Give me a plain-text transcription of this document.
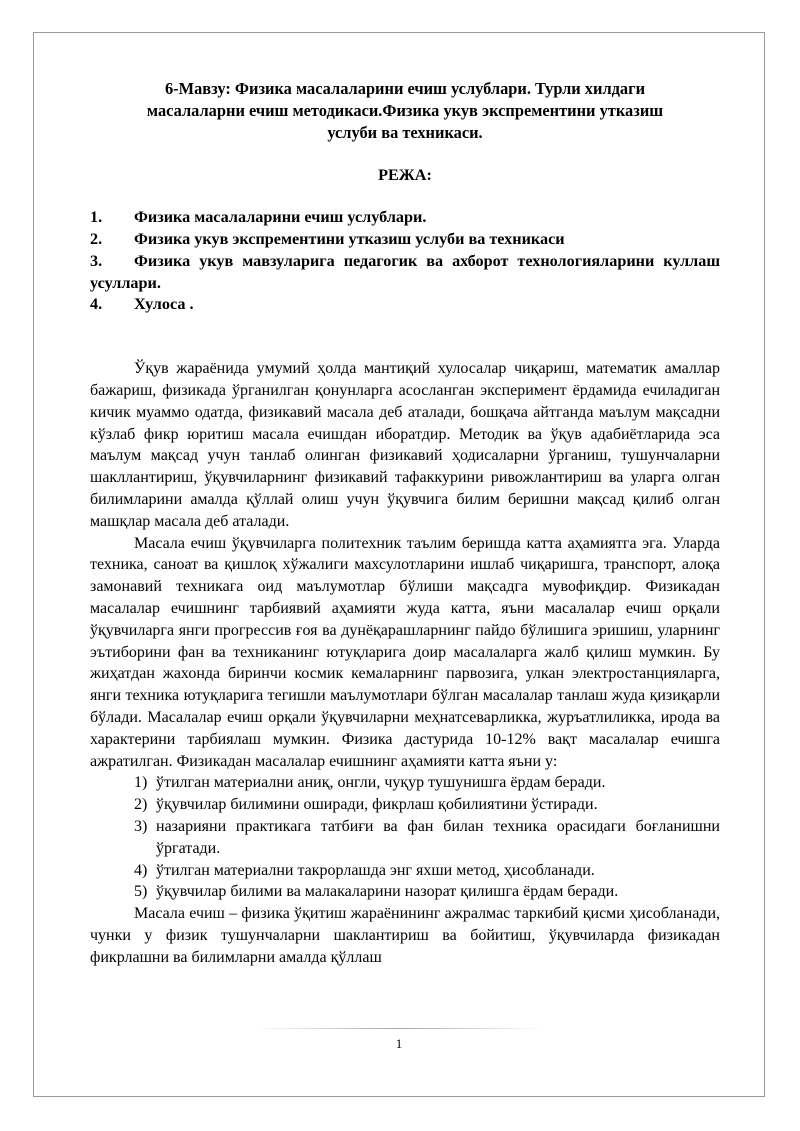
6-Мавзу: Физика масалаларини ечиш услублари. Турли хилдаги
масалаларни ечиш методикаси.Физика укув экспрементини утказиш
услуби ва техникаси.
РЕЖА:
1. Физика масалаларини ечиш услублари.
2. Физика укув экспрементини утказиш услуби ва техникаси
3. Физика укув мавзуларига педагогик ва ахборот технологияларини куллаш усуллари.
4. Хулоса .

Ўқув жараёнида умумий ҳолда мантиқий хулосалар чиқариш, математик амаллар бажариш, физикада ўрганилган қонунларга асосланган эксперимент ёрдамида ечиладиган кичик муаммо одатда, физикавий масала деб аталади, бошқача айтганда маълум мақсадни кўзлаб фикр юритиш масала ечишдан иборатдир. Методик ва ўқув адабиётларида эса маълум мақсад учун танлаб олинган физикавий ҳодисаларни ўрганиш, тушунчаларни шакллантириш, ўқувчиларнинг физикавий тафаккурини ривожлантириш ва уларга олган билимларини амалда қўллай олиш учун ўқувчига билим беришни мақсад қилиб олган машқлар масала деб аталади.

Масала ечиш ўқувчиларга политехник таълим беришда катта аҳамиятга эга. Уларда техника, саноат ва қишлоқ хўжалиги махсулотларини ишлаб чиқаришга, транспорт, алоқа замонавий техникага оид маълумотлар бўлиши мақсадга мувофиқдир. Физикадан масалалар ечишнинг тарбиявий аҳамияти жуда катта, яъни масалалар ечиш орқали ўқувчиларга янги прогрессив ғоя ва дунёқарашларнинг пайдо бўлишига эришиш, уларнинг эътиборини фан ва техниканинг ютуқларига доир масалаларга жалб қилиш мумкин. Бу жиҳатдан жахонда биринчи космик кемаларнинг парвозига, улкан электростанцияларга, янги техника ютуқларига тегишли маълумотлари бўлган масалалар танлаш жуда қизиқарли бўлади. Масалалар ечиш орқали ўқувчиларни меҳнатсеварликка, журъатлиликка, ирода ва характерини тарбиялаш мумкин. Физика дастурида 10-12% вақт масалалар ечишга ажратилган. Физикадан масалалар ечишнинг аҳамияти катта яъни у:

1) ўтилган материални аниқ, онгли, чуқур тушунишга ёрдам беради.
2) ўқувчилар билимини оширади, фикрлаш қобилиятини ўстиради.
3) назарияни практикага татбиғи ва фан билан техника орасидаги боғланишни ўргатади.
4) ўтилган материални такрорлашда энг яхши метод, ҳисобланади.
5) ўқувчилар билими ва малакаларини назорат қилишга ёрдам беради.

Масала ечиш – физика ўқитиш жараёнининг ажралмас таркибий қисми ҳисобланади, чунки у физик тушунчаларни шаклантириш ва бойитиш, ўқувчиларда физикадан фикрлашни ва билимларни амалда қўллаш

1
